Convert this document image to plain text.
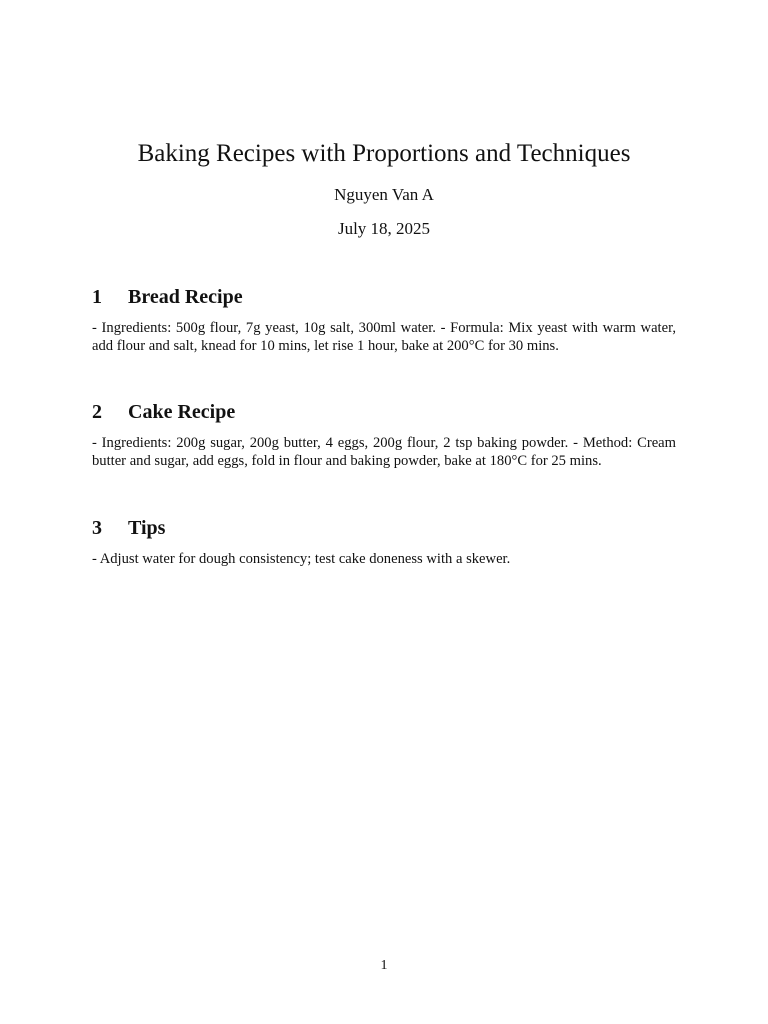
Baking Recipes with Proportions and Techniques
Nguyen Van A
July 18, 2025
1	Bread Recipe

- Ingredients: 500g flour, 7g yeast, 10g salt, 300ml water. - Formula: Mix yeast with warm water, add flour and salt, knead for 10 mins, let rise 1 hour, bake at 200°C for 30 mins.

2	Cake Recipe

- Ingredients: 200g sugar, 200g butter, 4 eggs, 200g flour, 2 tsp baking powder. - Method: Cream butter and sugar, add eggs, fold in flour and baking powder, bake at 180°C for 25 mins.

3	Tips

- Adjust water for dough consistency; test cake doneness with a skewer.

1
